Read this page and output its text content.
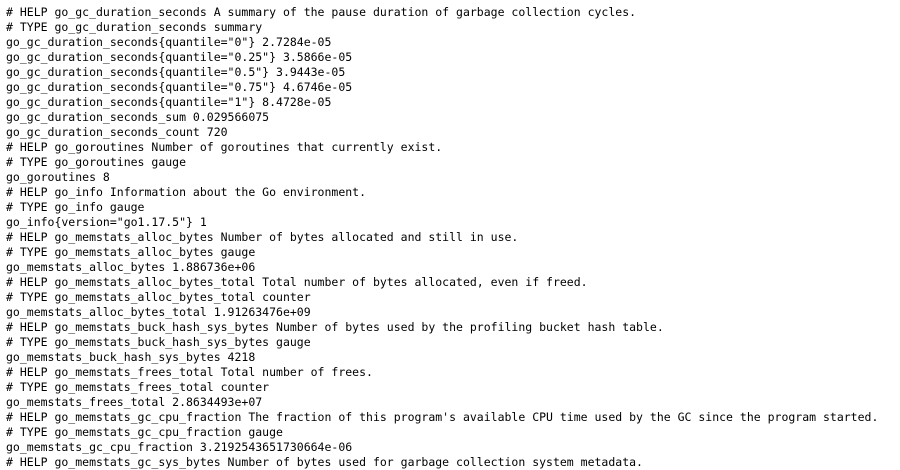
# HELP go_gc_duration_seconds A summary of the pause duration of garbage collection cycles.
# TYPE go_gc_duration_seconds summary
go_gc_duration_seconds{quantile="0"} 2.7284e-05
go_gc_duration_seconds{quantile="0.25"} 3.5866e-05
go_gc_duration_seconds{quantile="0.5"} 3.9443e-05
go_gc_duration_seconds{quantile="0.75"} 4.6746e-05
go_gc_duration_seconds{quantile="1"} 8.4728e-05
go_gc_duration_seconds_sum 0.029566075
go_gc_duration_seconds_count 720
# HELP go_goroutines Number of goroutines that currently exist.
# TYPE go_goroutines gauge
go_goroutines 8
# HELP go_info Information about the Go environment.
# TYPE go_info gauge
go_info{version="go1.17.5"} 1
# HELP go_memstats_alloc_bytes Number of bytes allocated and still in use.
# TYPE go_memstats_alloc_bytes gauge
go_memstats_alloc_bytes 1.886736e+06
# HELP go_memstats_alloc_bytes_total Total number of bytes allocated, even if freed.
# TYPE go_memstats_alloc_bytes_total counter
go_memstats_alloc_bytes_total 1.91263476e+09
# HELP go_memstats_buck_hash_sys_bytes Number of bytes used by the profiling bucket hash table.
# TYPE go_memstats_buck_hash_sys_bytes gauge
go_memstats_buck_hash_sys_bytes 4218
# HELP go_memstats_frees_total Total number of frees.
# TYPE go_memstats_frees_total counter
go_memstats_frees_total 2.8634493e+07
# HELP go_memstats_gc_cpu_fraction The fraction of this program's available CPU time used by the GC since the program started.
# TYPE go_memstats_gc_cpu_fraction gauge
go_memstats_gc_cpu_fraction 3.2192543651730664e-06
# HELP go_memstats_gc_sys_bytes Number of bytes used for garbage collection system metadata.
